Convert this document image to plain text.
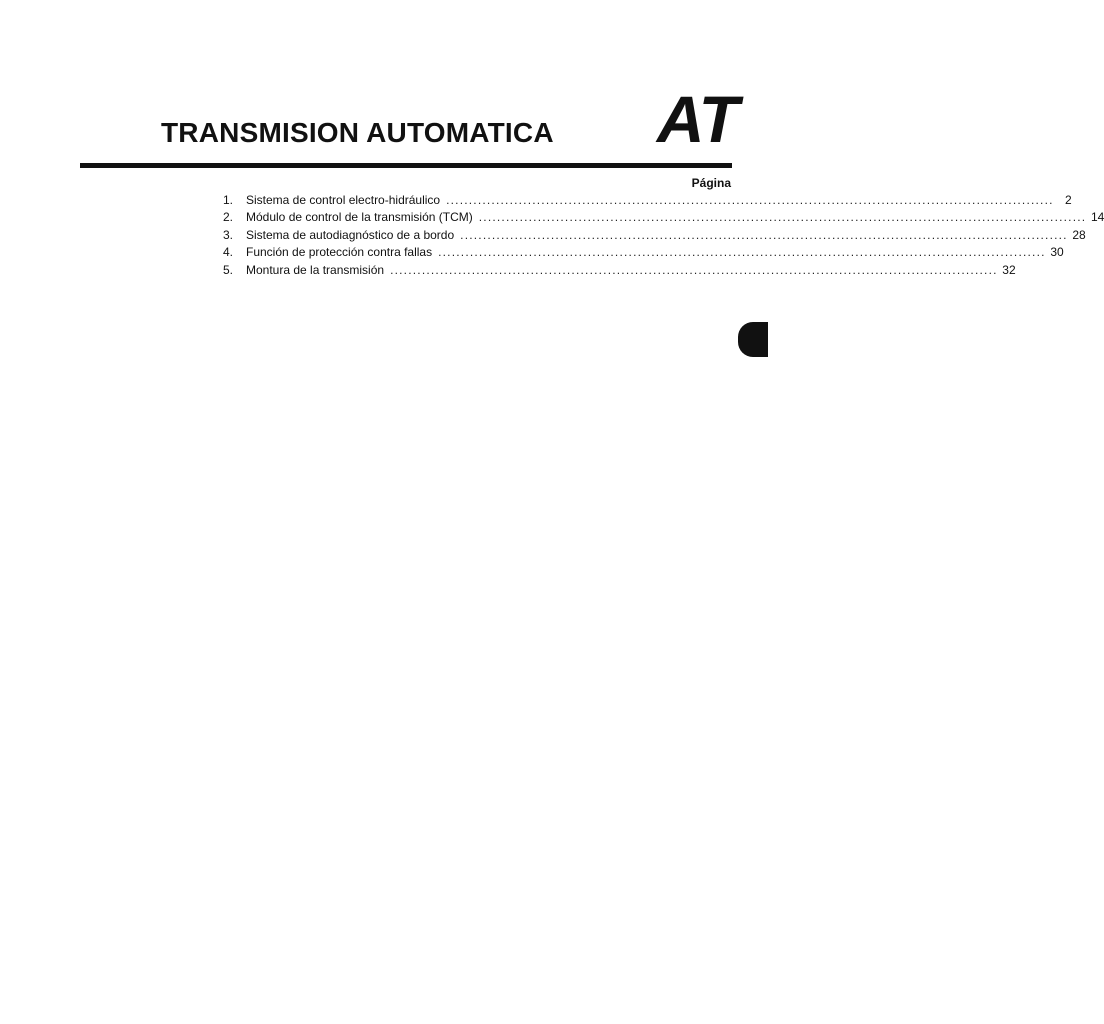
TRANSMISION AUTOMATICA AT
Página
1.	Sistema de control electro-hidráulico ...................................................................................................................................... 2
2.	Módulo de control de la transmisión (TCM) ...................................................................................................................................... 14
3.	Sistema de autodiagnóstico de a bordo ...................................................................................................................................... 28
4.	Función de protección contra fallas ...................................................................................................................................... 30
5.	Montura de la transmisión ...................................................................................................................................... 32
